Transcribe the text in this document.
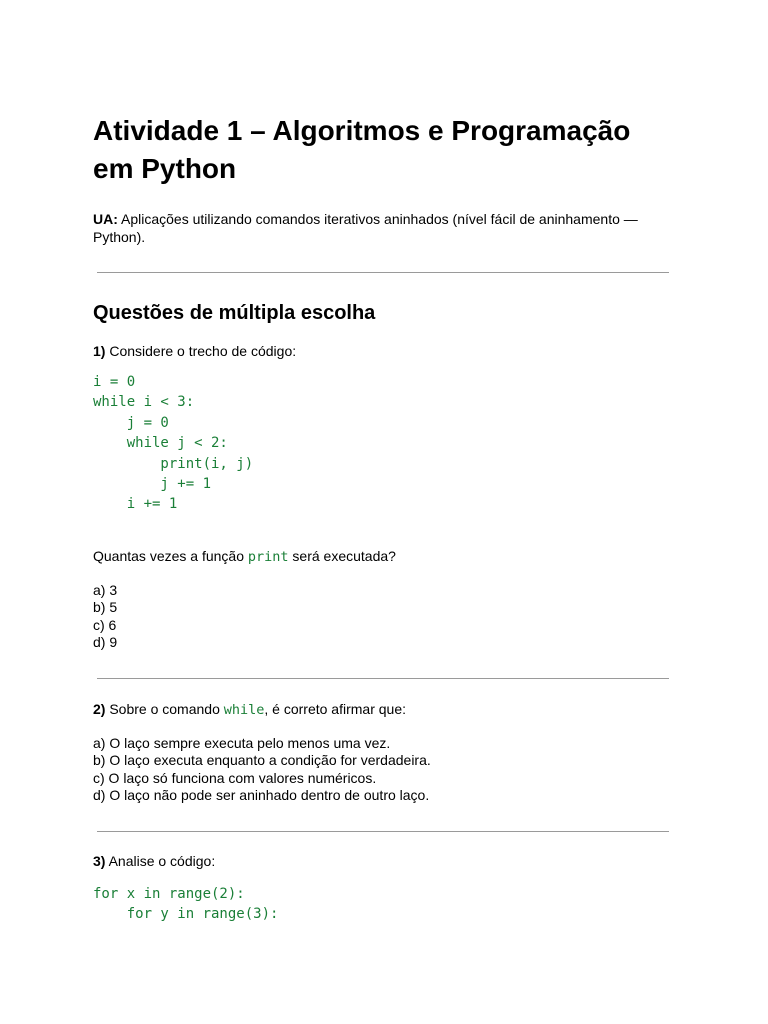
Atividade 1 – Algoritmos e Programação em Python

UA: Aplicações utilizando comandos iterativos aninhados (nível fácil de aninhamento — Python).

Questões de múltipla escolha

1) Considere o trecho de código:

i = 0
while i < 3:
j = 0
while j < 2:
print(i, j)
j += 1
i += 1

Quantas vezes a função print será executada?

a) 3
b) 5
c) 6
d) 9

2) Sobre o comando while, é correto afirmar que:

a) O laço sempre executa pelo menos uma vez.
b) O laço executa enquanto a condição for verdadeira.
c) O laço só funciona com valores numéricos.
d) O laço não pode ser aninhado dentro de outro laço.

3) Analise o código:

for x in range(2):
for y in range(3):
